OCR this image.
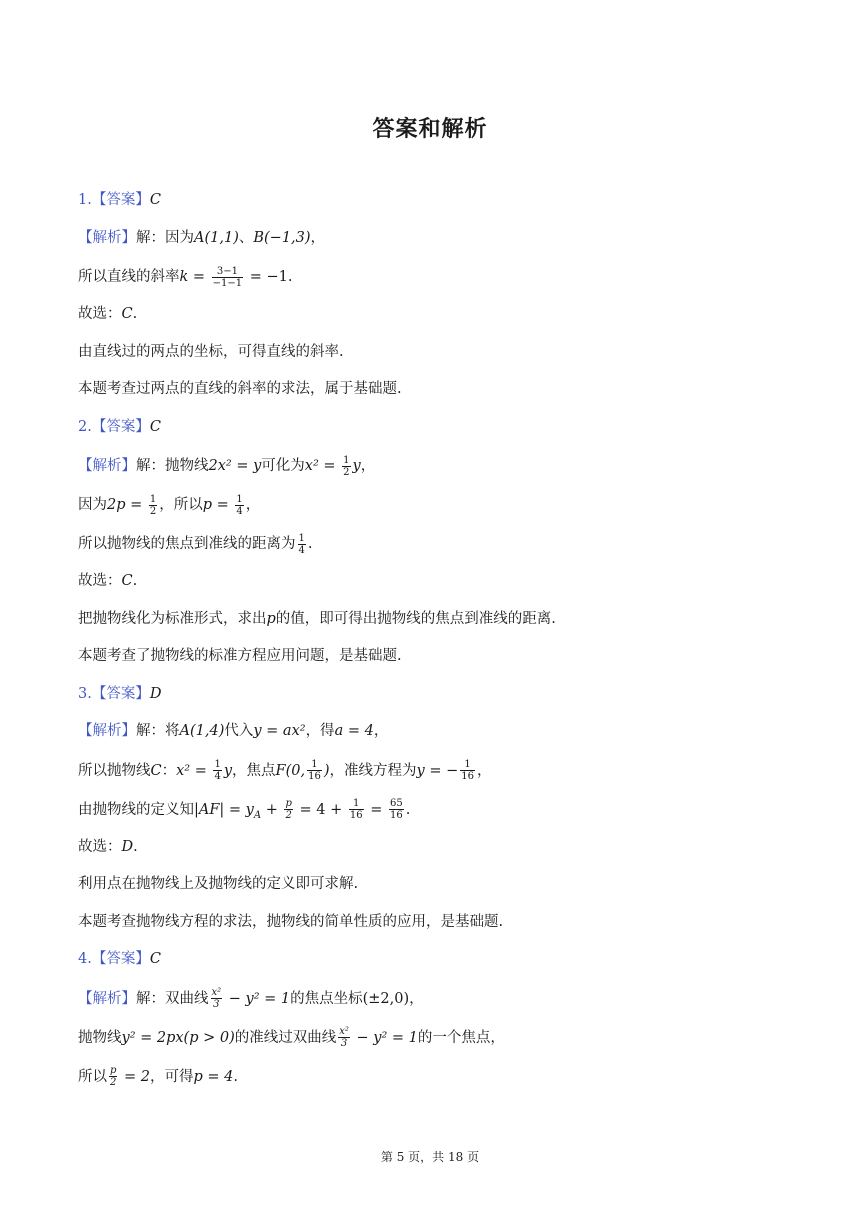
答案和解析
1.【答案】C
【解析】解：因为A(1,1)、B(−1,3)，
所以直线的斜率$k = \frac{3-1}{-1-1} = -1$.
故选：C.
由直线过的两点的坐标，可得直线的斜率.
本题考查过两点的直线的斜率的求法，属于基础题.
2.【答案】C
【解析】解：抛物线2x² = y可化为$x^2 = \frac{1}{2}$ y，
因为$2p = \frac{1}{2}$ ，所以$p = \frac{1}{4}$ ，
所以抛物线的焦点到准线的距离为 $\frac{1}{4}$ .
故选：C.
把抛物线化为标准形式，求出p的值，即可得出抛物线的焦点到准线的距离.
本题考查了抛物线的标准方程应用问题，是基础题.
3.【答案】D
【解析】解：将A(1,4)代入y = ax²，得a = 4，
所以抛物线C：$x^2 = \frac{1}{4}$ y，焦点F(0, $\frac{1}{16}$ )，准线方程为y = − $\frac{1}{16}$ ，
由抛物线的定义知$|AF| = y_A + \frac{p}{2} = 4 + \frac{1}{16} = \frac{65}{16}$ .
故选：D.
利用点在抛物线上及抛物线的定义即可求解.
本题考查抛物线方程的求法，抛物线的简单性质的应用，是基础题.
4.【答案】C
【解析】解：双曲线 $\frac{\text{x²}}{3} - y^2 = 1$的焦点坐标(±2,0)，
抛物线y² = 2px(p > 0)的准线过双曲线 $\frac{\text{x²}}{3} - y^2 = 1$的一个焦点，
所以 $\frac{p}{2} = 2$，可得p = 4.
第 5 页，共 18 页
